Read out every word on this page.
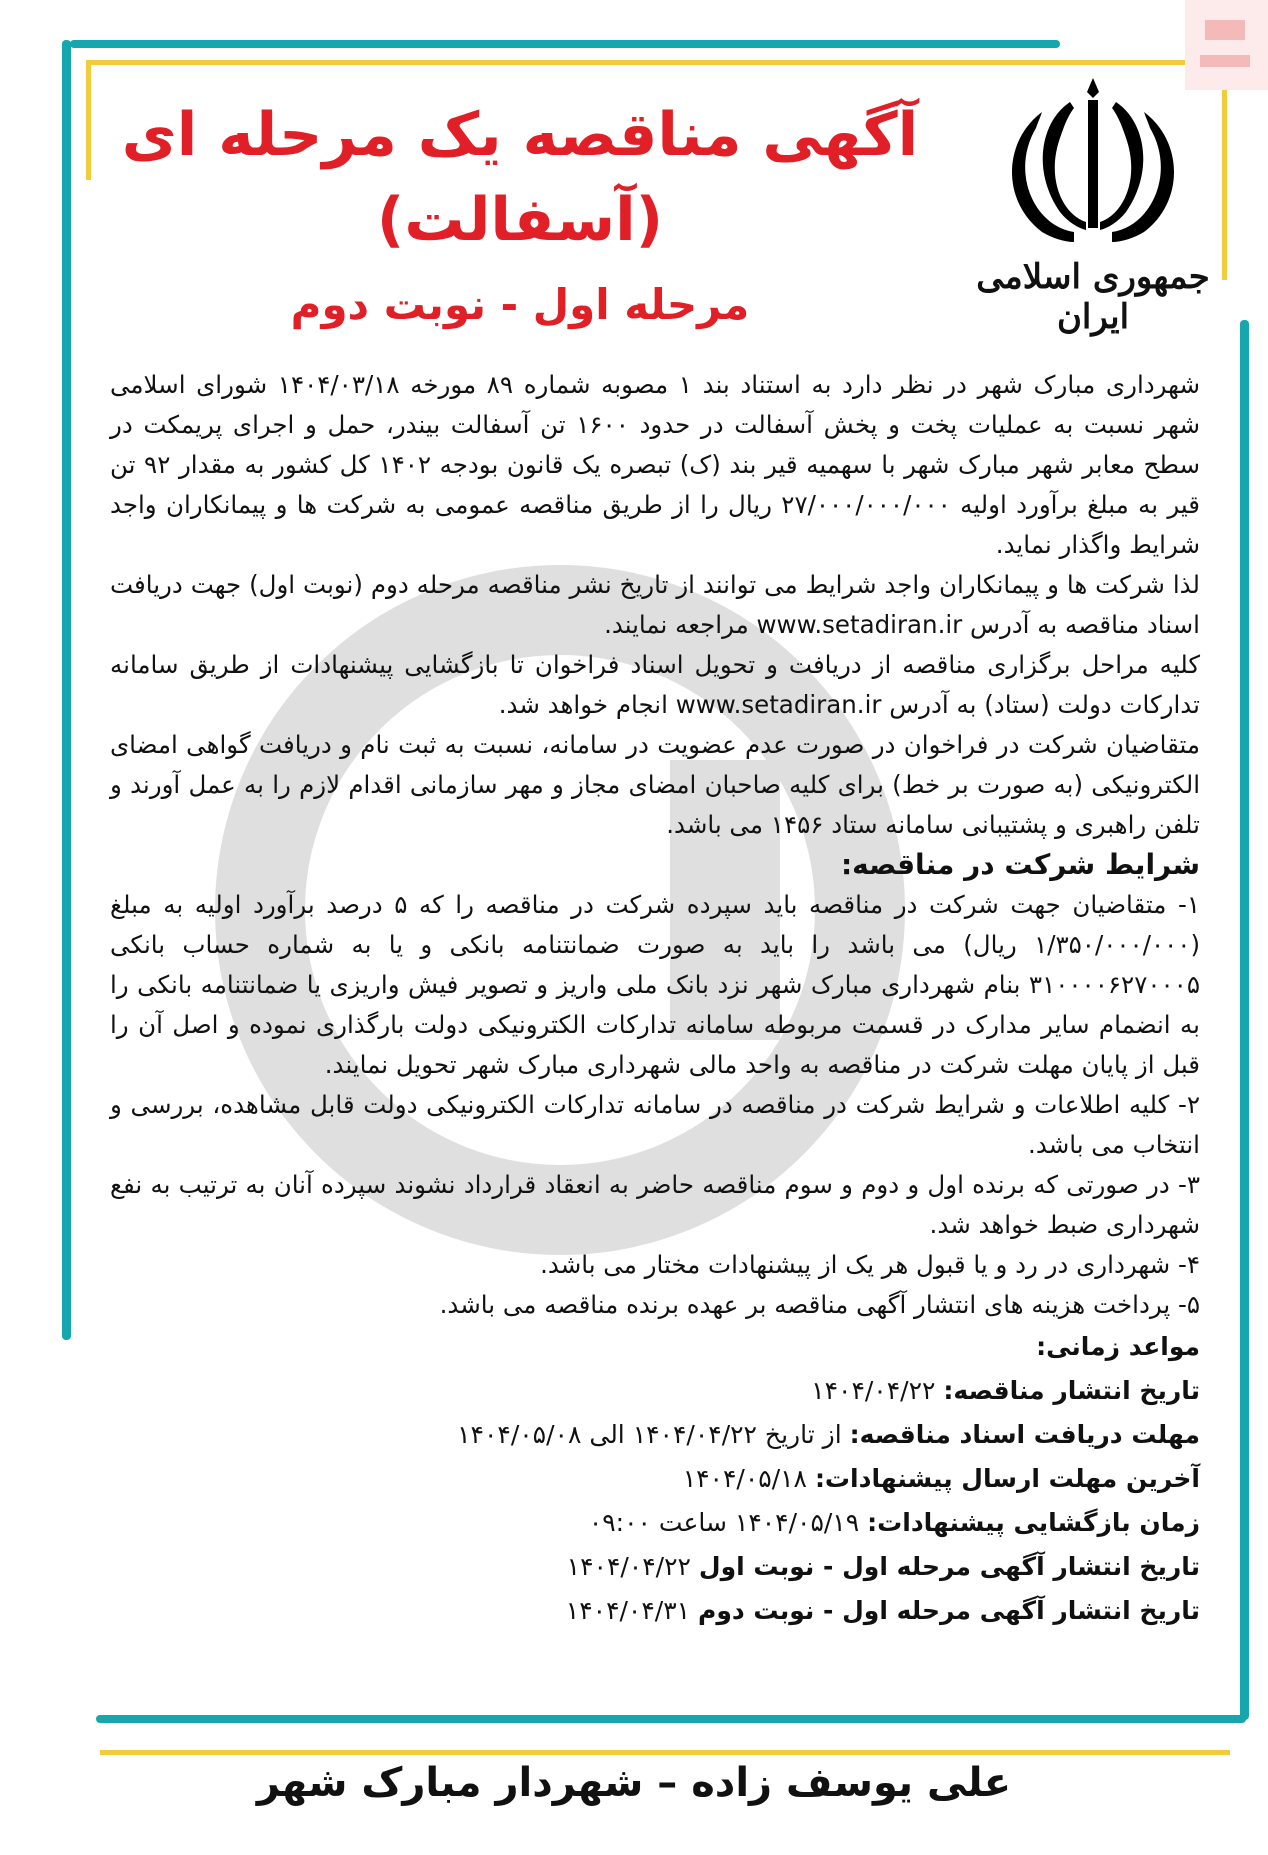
جمهوری اسلامی ایران
آگهی مناقصه یک مرحله ای
(آسفالت)
مرحله اول - نوبت دوم

شهرداری مبارک شهر در نظر دارد به استناد بند ۱ مصوبه شماره ۸۹ مورخه ۱۴۰۴/۰۳/۱۸ شورای اسلامی شهر نسبت به عملیات پخت و پخش آسفالت در حدود ۱۶۰۰ تن آسفالت بیندر، حمل و اجرای پریمکت در سطح معابر شهر مبارک شهر با سهمیه قیر بند (ک) تبصره یک قانون بودجه ۱۴۰۲ کل کشور به مقدار ۹۲ تن قیر به مبلغ برآورد اولیه ۲۷/۰۰۰/۰۰۰/۰۰۰ ریال را از طریق مناقصه عمومی به شرکت ها و پیمانکاران واجد شرایط واگذار نماید.

لذا شرکت ها و پیمانکاران واجد شرایط می توانند از تاریخ نشر مناقصه مرحله دوم (نوبت اول) جهت دریافت اسناد مناقصه به آدرس www.setadiran.ir مراجعه نمایند.

کلیه مراحل برگزاری مناقصه از دریافت و تحویل اسناد فراخوان تا بازگشایی پیشنهادات از طریق سامانه تدارکات دولت (ستاد) به آدرس www.setadiran.ir انجام خواهد شد.

متقاضیان شرکت در فراخوان در صورت عدم عضویت در سامانه، نسبت به ثبت نام و دریافت گواهی امضای الکترونیکی (به صورت بر خط) برای کلیه صاحبان امضای مجاز و مهر سازمانی اقدام لازم را به عمل آورند و تلفن راهبری و پشتیبانی سامانه ستاد ۱۴۵۶ می باشد.

شرایط شرکت در مناقصه:

۱- متقاضیان جهت شرکت در مناقصه باید سپرده شرکت در مناقصه را که ۵ درصد برآورد اولیه به مبلغ (۱/۳۵۰/۰۰۰/۰۰۰ ریال) می باشد را باید به صورت ضمانتنامه بانکی و یا به شماره حساب بانکی ۳۱۰۰۰۰۶۲۷۰۰۰۵ بنام شهرداری مبارک شهر نزد بانک ملی واریز و تصویر فیش واریزی یا ضمانتنامه بانکی را به انضمام سایر مدارک در قسمت مربوطه سامانه تدارکات الکترونیکی دولت بارگذاری نموده و اصل آن را قبل از پایان مهلت شرکت در مناقصه به واحد مالی شهرداری مبارک شهر تحویل نمایند.

۲- کلیه اطلاعات و شرایط شرکت در مناقصه در سامانه تدارکات الکترونیکی دولت قابل مشاهده، بررسی و انتخاب می باشد.

۳- در صورتی که برنده اول و دوم و سوم مناقصه حاضر به انعقاد قرارداد نشوند سپرده آنان به ترتیب به نفع شهرداری ضبط خواهد شد.

۴- شهرداری در رد و یا قبول هر یک از پیشنهادات مختار می باشد.

۵- پرداخت هزینه های انتشار آگهی مناقصه بر عهده برنده مناقصه می باشد.

مواعد زمانی:

تاریخ انتشار مناقصه: ۱۴۰۴/۰۴/۲۲

مهلت دریافت اسناد مناقصه: از تاریخ ۱۴۰۴/۰۴/۲۲ الی ۱۴۰۴/۰۵/۰۸

آخرین مهلت ارسال پیشنهادات: ۱۴۰۴/۰۵/۱۸

زمان بازگشایی پیشنهادات: ۱۴۰۴/۰۵/۱۹ ساعت ۰۹:۰۰

تاریخ انتشار آگهی مرحله اول - نوبت اول ۱۴۰۴/۰۴/۲۲

تاریخ انتشار آگهی مرحله اول - نوبت دوم ۱۴۰۴/۰۴/۳۱

علی یوسف زاده – شهردار مبارک شهر
